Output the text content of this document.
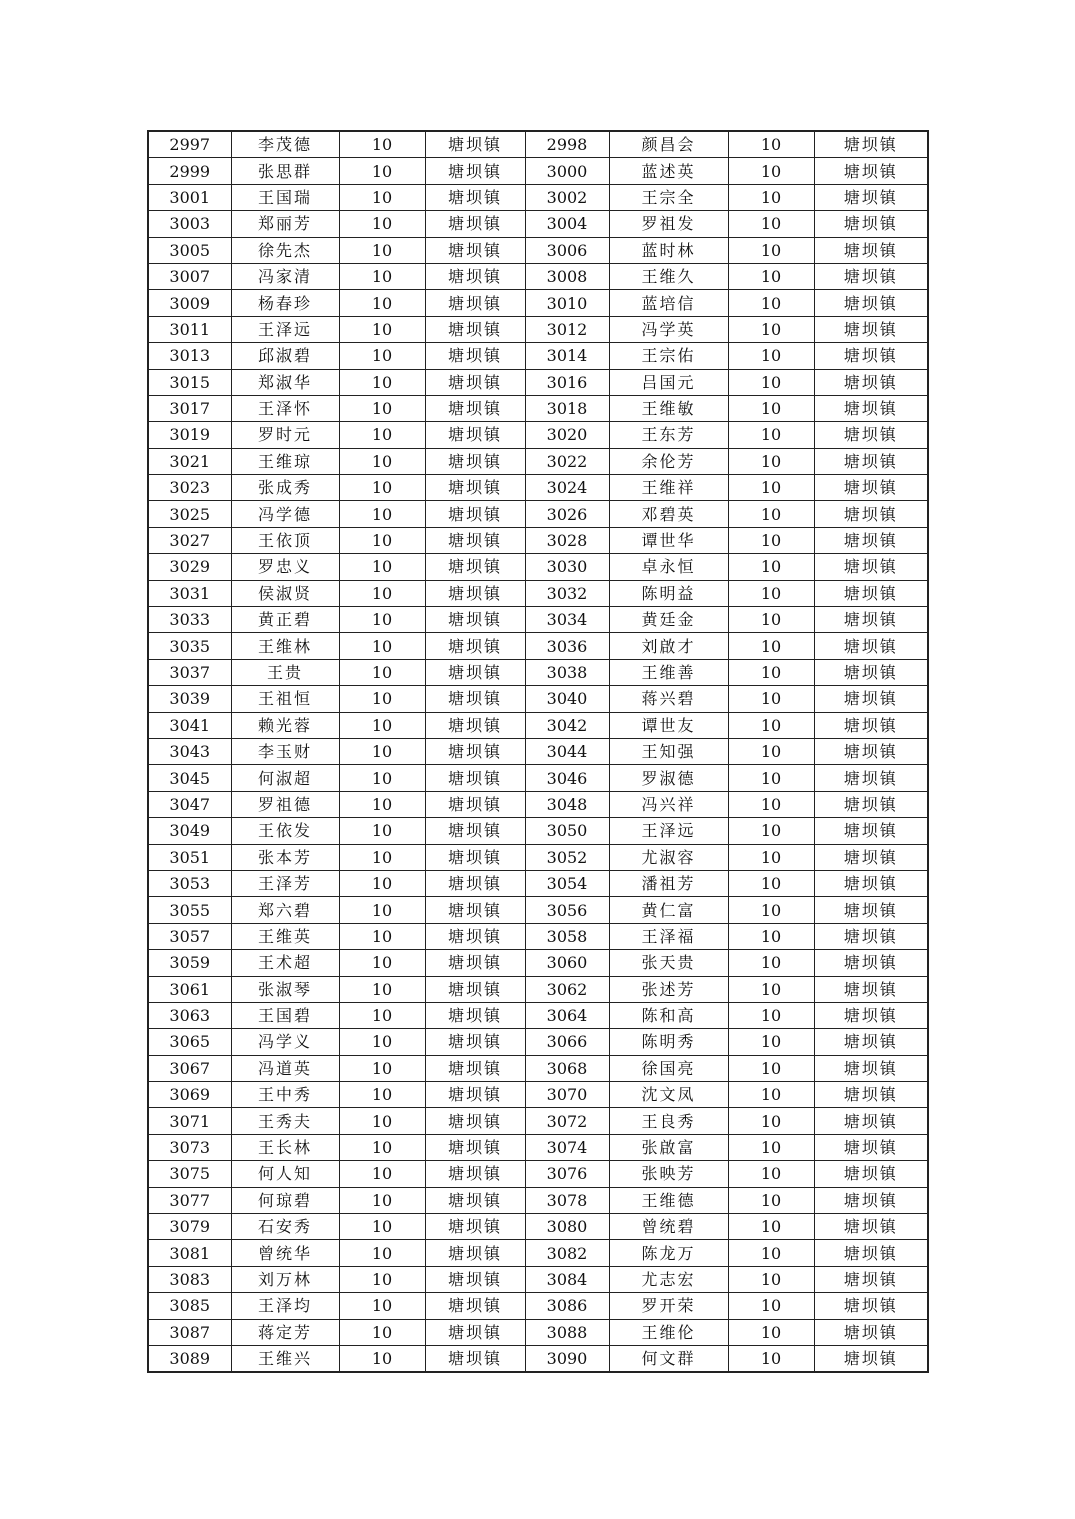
2997	李茂德	10	塘坝镇	2998	颜昌会	10	塘坝镇
2999	张思群	10	塘坝镇	3000	蓝述英	10	塘坝镇
3001	王国瑞	10	塘坝镇	3002	王宗全	10	塘坝镇
3003	郑丽芳	10	塘坝镇	3004	罗祖发	10	塘坝镇
3005	徐先杰	10	塘坝镇	3006	蓝时林	10	塘坝镇
3007	冯家清	10	塘坝镇	3008	王维久	10	塘坝镇
3009	杨春珍	10	塘坝镇	3010	蓝培信	10	塘坝镇
3011	王泽远	10	塘坝镇	3012	冯学英	10	塘坝镇
3013	邱淑碧	10	塘坝镇	3014	王宗佑	10	塘坝镇
3015	郑淑华	10	塘坝镇	3016	吕国元	10	塘坝镇
3017	王泽怀	10	塘坝镇	3018	王维敏	10	塘坝镇
3019	罗时元	10	塘坝镇	3020	王东芳	10	塘坝镇
3021	王维琼	10	塘坝镇	3022	余伦芳	10	塘坝镇
3023	张成秀	10	塘坝镇	3024	王维祥	10	塘坝镇
3025	冯学德	10	塘坝镇	3026	邓碧英	10	塘坝镇
3027	王依顶	10	塘坝镇	3028	谭世华	10	塘坝镇
3029	罗忠义	10	塘坝镇	3030	卓永恒	10	塘坝镇
3031	侯淑贤	10	塘坝镇	3032	陈明益	10	塘坝镇
3033	黄正碧	10	塘坝镇	3034	黄廷金	10	塘坝镇
3035	王维林	10	塘坝镇	3036	刘啟才	10	塘坝镇
3037	王贵	10	塘坝镇	3038	王维善	10	塘坝镇
3039	王祖恒	10	塘坝镇	3040	蒋兴碧	10	塘坝镇
3041	赖光蓉	10	塘坝镇	3042	谭世友	10	塘坝镇
3043	李玉财	10	塘坝镇	3044	王知强	10	塘坝镇
3045	何淑超	10	塘坝镇	3046	罗淑德	10	塘坝镇
3047	罗祖德	10	塘坝镇	3048	冯兴祥	10	塘坝镇
3049	王依发	10	塘坝镇	3050	王泽远	10	塘坝镇
3051	张本芳	10	塘坝镇	3052	尤淑容	10	塘坝镇
3053	王泽芳	10	塘坝镇	3054	潘祖芳	10	塘坝镇
3055	郑六碧	10	塘坝镇	3056	黄仁富	10	塘坝镇
3057	王维英	10	塘坝镇	3058	王泽福	10	塘坝镇
3059	王术超	10	塘坝镇	3060	张天贵	10	塘坝镇
3061	张淑琴	10	塘坝镇	3062	张述芳	10	塘坝镇
3063	王国碧	10	塘坝镇	3064	陈和高	10	塘坝镇
3065	冯学义	10	塘坝镇	3066	陈明秀	10	塘坝镇
3067	冯道英	10	塘坝镇	3068	徐国亮	10	塘坝镇
3069	王中秀	10	塘坝镇	3070	沈文凤	10	塘坝镇
3071	王秀夫	10	塘坝镇	3072	王良秀	10	塘坝镇
3073	王长林	10	塘坝镇	3074	张啟富	10	塘坝镇
3075	何人知	10	塘坝镇	3076	张映芳	10	塘坝镇
3077	何琼碧	10	塘坝镇	3078	王维德	10	塘坝镇
3079	石安秀	10	塘坝镇	3080	曾统碧	10	塘坝镇
3081	曾统华	10	塘坝镇	3082	陈龙万	10	塘坝镇
3083	刘万林	10	塘坝镇	3084	尤志宏	10	塘坝镇
3085	王泽均	10	塘坝镇	3086	罗开荣	10	塘坝镇
3087	蒋定芳	10	塘坝镇	3088	王维伦	10	塘坝镇
3089	王维兴	10	塘坝镇	3090	何文群	10	塘坝镇
